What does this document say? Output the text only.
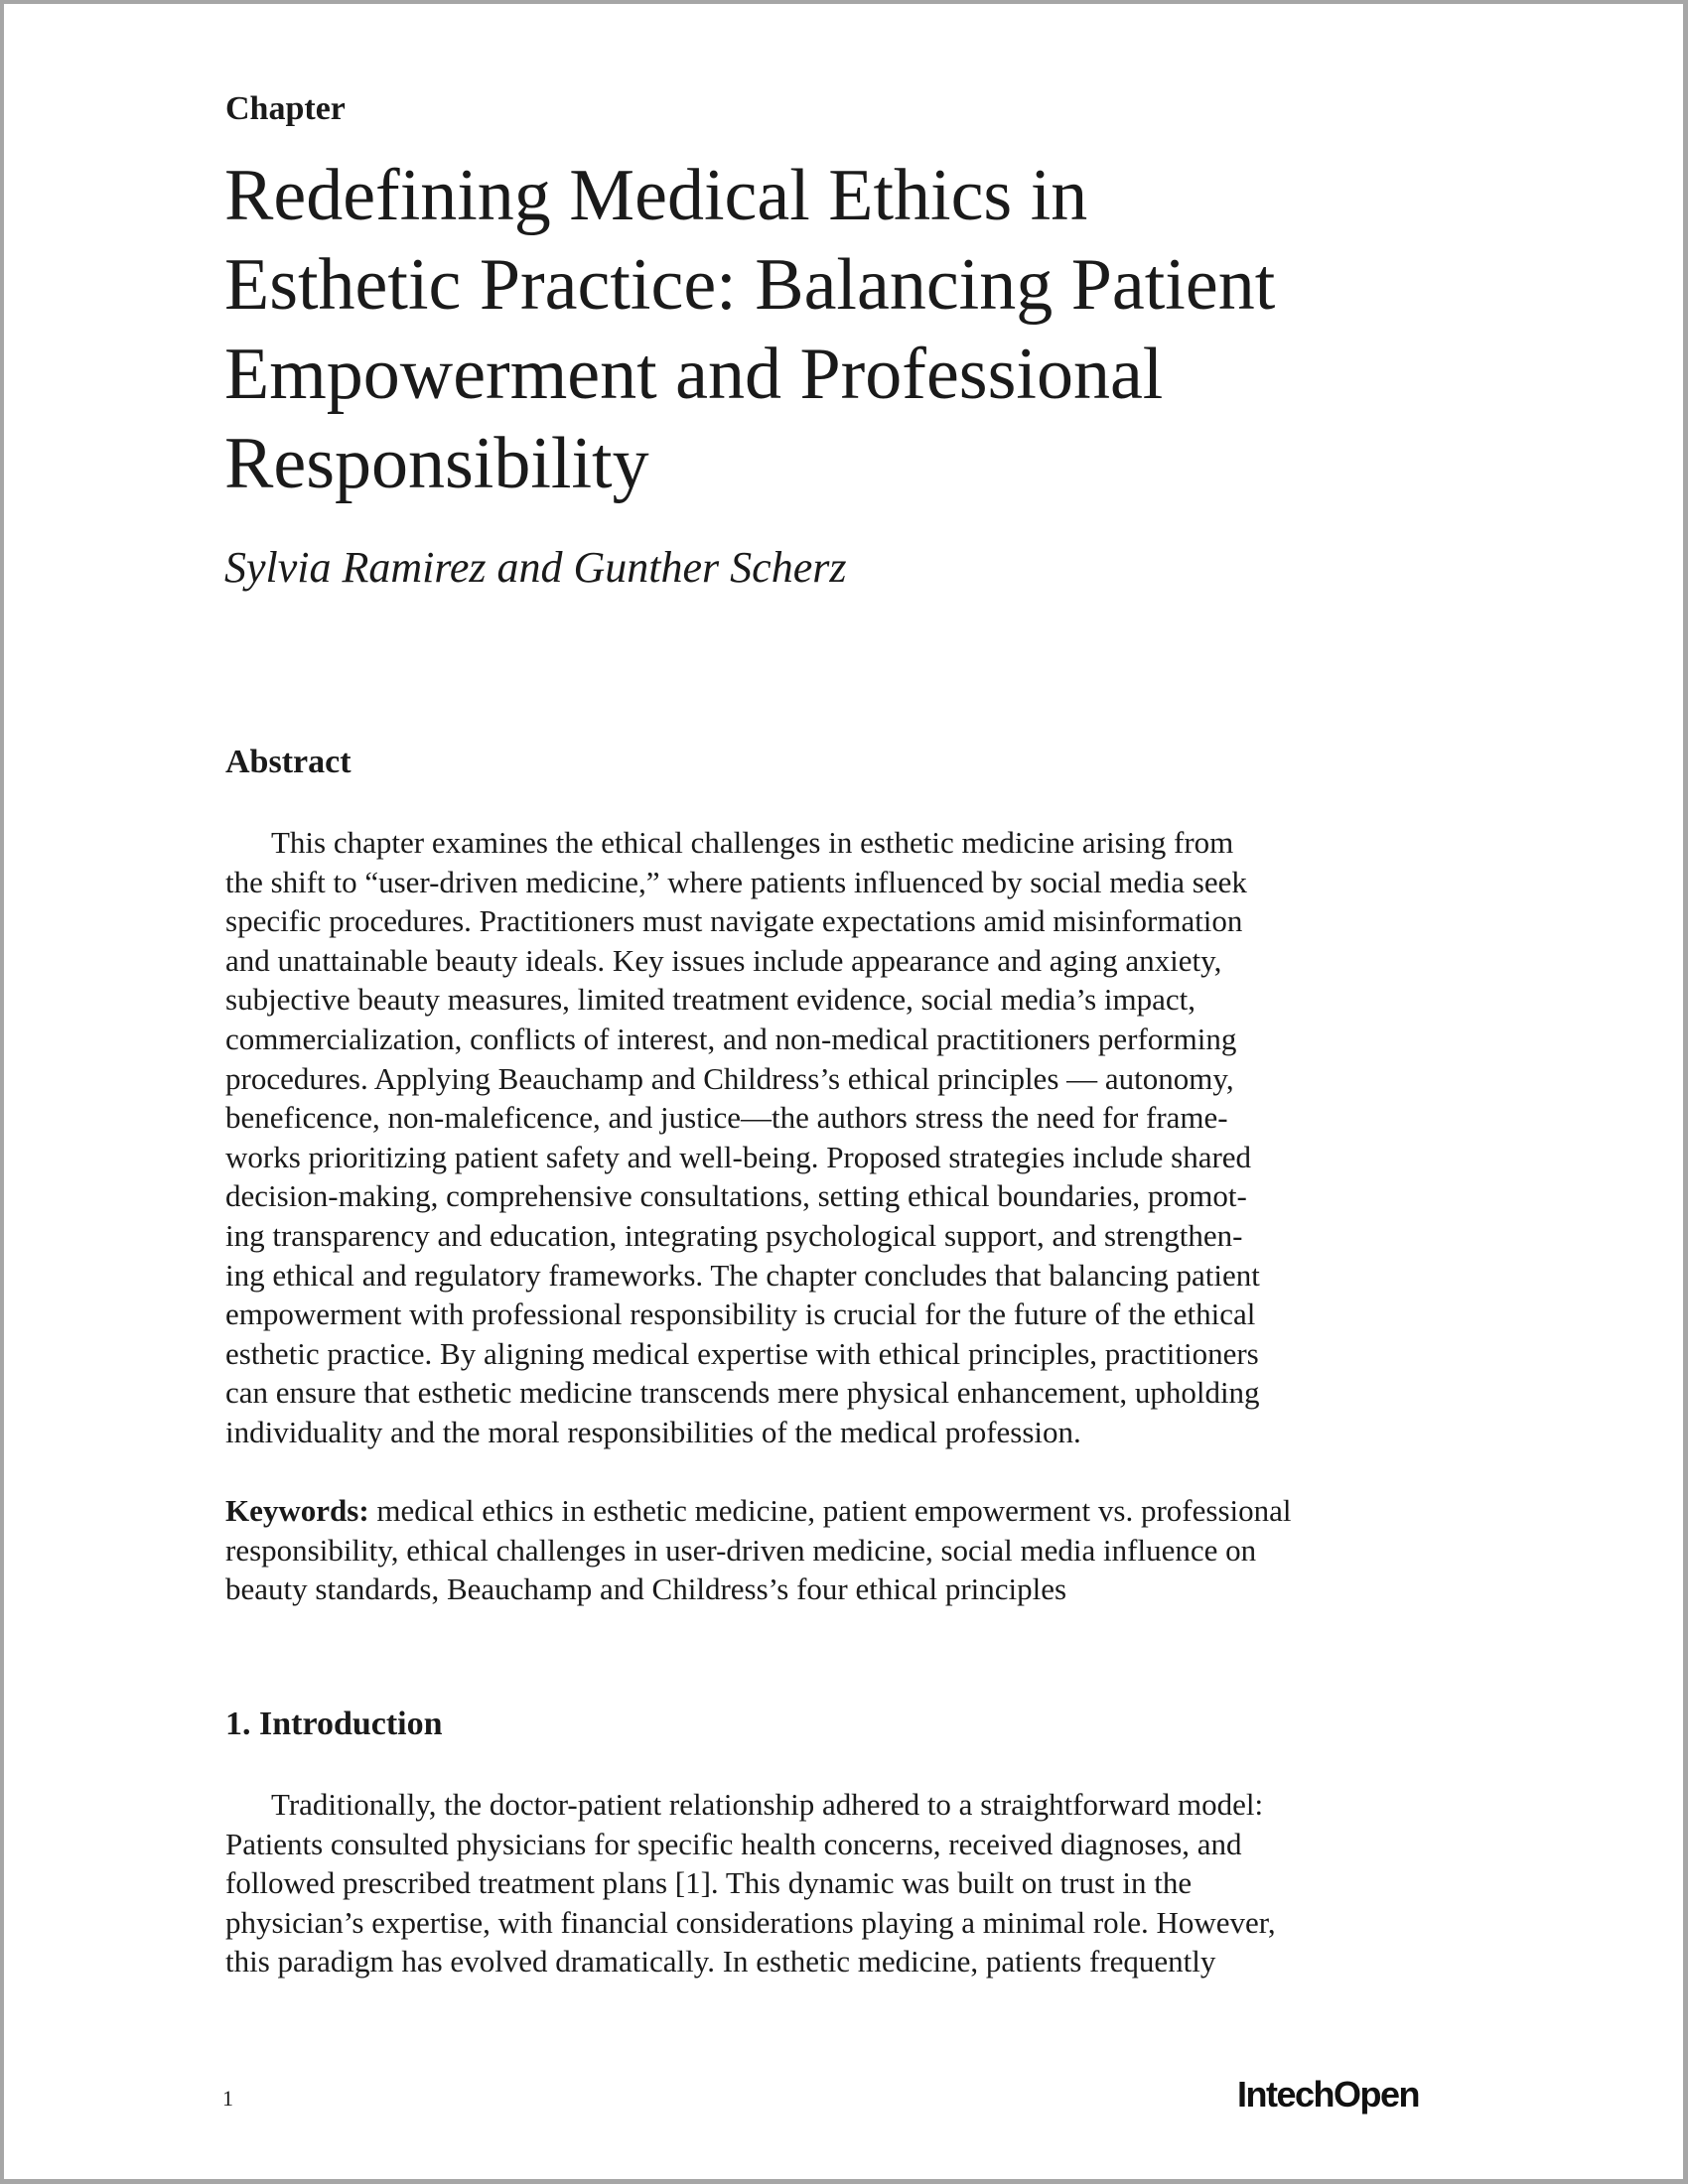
Chapter
Redefining Medical Ethics in
Esthetic Practice: Balancing Patient
Empowerment and Professional
Responsibility
Sylvia Ramirez and Gunther Scherz
Abstract
This chapter examines the ethical challenges in esthetic medicine arising from
the shift to “user-driven medicine,” where patients influenced by social media seek
specific procedures. Practitioners must navigate expectations amid misinformation
and unattainable beauty ideals. Key issues include appearance and aging anxiety,
subjective beauty measures, limited treatment evidence, social media’s impact,
commercialization, conflicts of interest, and non-medical practitioners performing
procedures. Applying Beauchamp and Childress’s ethical principles — autonomy,
beneficence, non-maleficence, and justice—the authors stress the need for frame-
works prioritizing patient safety and well-being. Proposed strategies include shared
decision-making, comprehensive consultations, setting ethical boundaries, promot-
ing transparency and education, integrating psychological support, and strengthen-
ing ethical and regulatory frameworks. The chapter concludes that balancing patient
empowerment with professional responsibility is crucial for the future of the ethical
esthetic practice. By aligning medical expertise with ethical principles, practitioners
can ensure that esthetic medicine transcends mere physical enhancement, upholding
individuality and the moral responsibilities of the medical profession.
Keywords: medical ethics in esthetic medicine, patient empowerment vs. professional
responsibility, ethical challenges in user-driven medicine, social media influence on
beauty standards, Beauchamp and Childress’s four ethical principles
1. Introduction
Traditionally, the doctor-patient relationship adhered to a straightforward model:
Patients consulted physicians for specific health concerns, received diagnoses, and
followed prescribed treatment plans [1]. This dynamic was built on trust in the
physician’s expertise, with financial considerations playing a minimal role. However,
this paradigm has evolved dramatically. In esthetic medicine, patients frequently
1	IntechOpen
